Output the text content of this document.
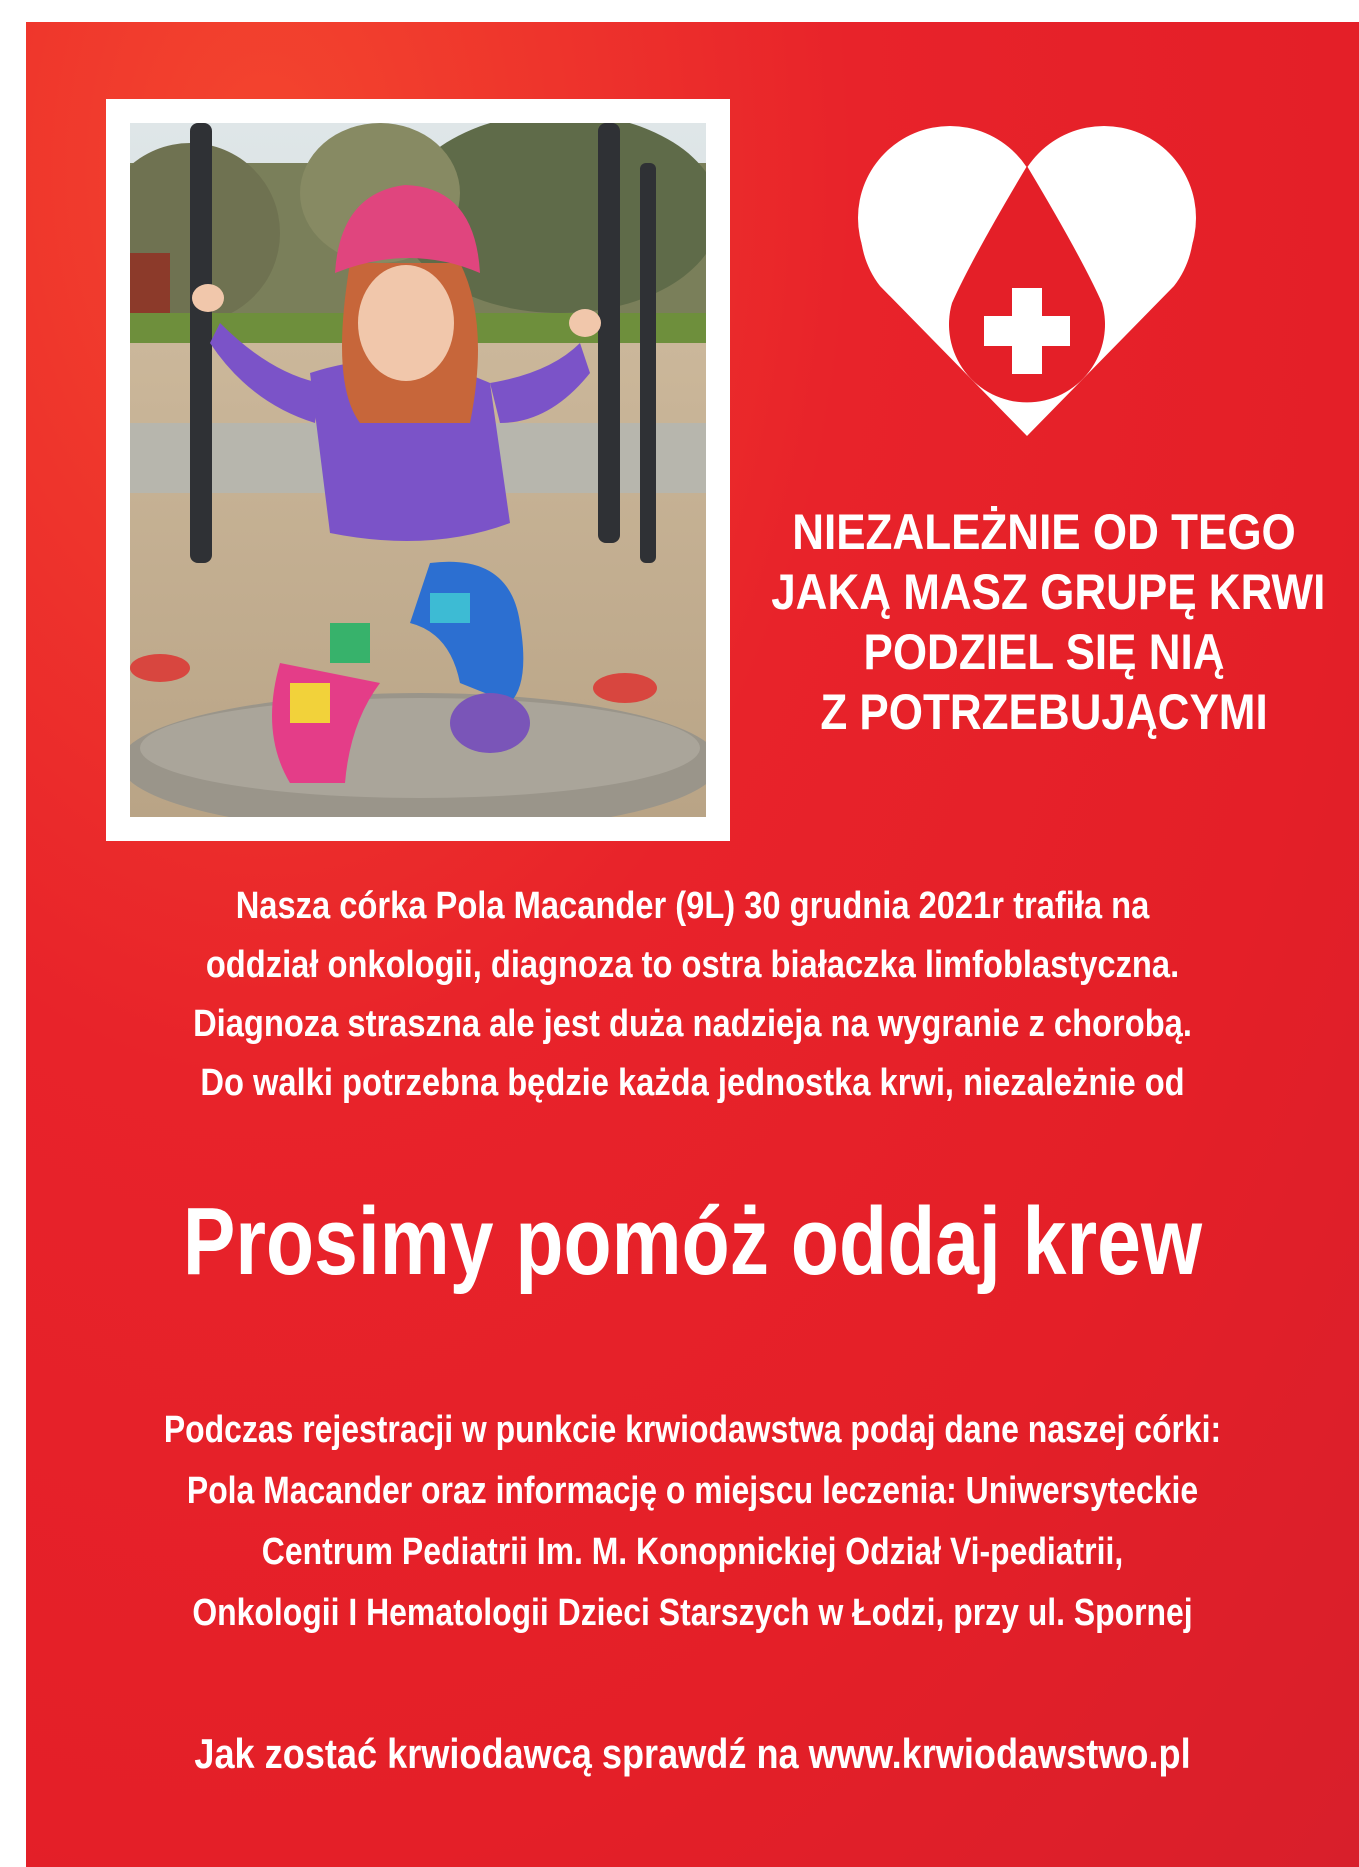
NIEZALEŻNIE OD TEGO
JAKĄ MASZ GRUPĘ KRWI
PODZIEL SIĘ NIĄ
Z POTRZEBUJĄCYMI
Nasza córka Pola Macander (9L) 30 grudnia 2021r trafiła na
oddział onkologii, diagnoza to ostra białaczka limfoblastyczna.
Diagnoza straszna ale jest duża nadzieja na wygranie z chorobą.
Do walki potrzebna będzie każda jednostka krwi, niezależnie od
Prosimy pomóż oddaj krew
Podczas rejestracji w punkcie krwiodawstwa podaj dane naszej córki:
Pola Macander oraz informację o miejscu leczenia: Uniwersyteckie
Centrum Pediatrii Im. M. Konopnickiej Odział Vi-pediatrii,
Onkologii I Hematologii Dzieci Starszych w Łodzi, przy ul. Spornej
Jak zostać krwiodawcą sprawdź na www.krwiodawstwo.pl
